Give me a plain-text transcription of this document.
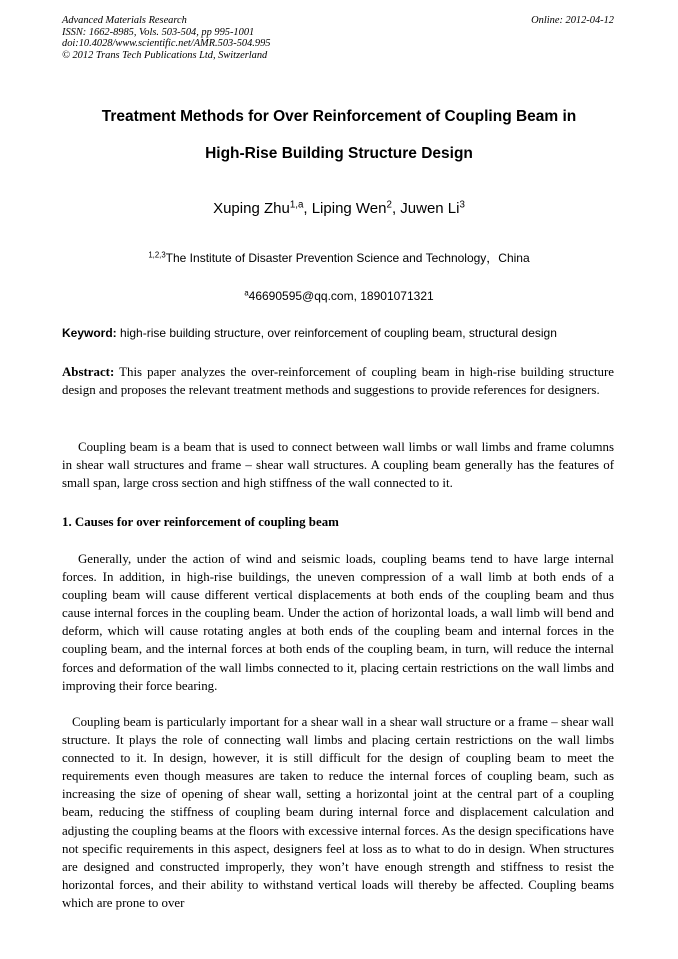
Advanced Materials Research
ISSN: 1662-8985, Vols. 503-504, pp 995-1001
doi:10.4028/www.scientific.net/AMR.503-504.995
© 2012 Trans Tech Publications Ltd, Switzerland
Online: 2012-04-12
Treatment Methods for Over Reinforcement of Coupling Beam in
High-Rise Building Structure Design
Xuping Zhu$^{1,a}$, Liping Wen$^2$, Juwen Li$^3$
$^{1,2,3}$The Institute of Disaster Prevention Science and Technology，China
$^a$46690595@qq.com, 18901071321
Keyword: high-rise building structure, over reinforcement of coupling beam, structural design
Abstract: This paper analyzes the over-reinforcement of coupling beam in high-rise building structure design and proposes the relevant treatment methods and suggestions to provide references for designers.
Coupling beam is a beam that is used to connect between wall limbs or wall limbs and frame columns in shear wall structures and frame – shear wall structures. A coupling beam generally has the features of small span, large cross section and high stiffness of the wall connected to it.
1. Causes for over reinforcement of coupling beam
Generally, under the action of wind and seismic loads, coupling beams tend to have large internal forces. In addition, in high-rise buildings, the uneven compression of a wall limb at both ends of a coupling beam will cause different vertical displacements at both ends of the coupling beam and thus cause internal forces in the coupling beam. Under the action of horizontal loads, a wall limb will bend and deform, which will cause rotating angles at both ends of the coupling beam and internal forces in the coupling beam, and the internal forces at both ends of the coupling beam, in turn, will reduce the internal forces and deformation of the wall limbs connected to it, placing certain restrictions on the wall limbs and improving their force bearing.
Coupling beam is particularly important for a shear wall in a shear wall structure or a frame – shear wall structure. It plays the role of connecting wall limbs and placing certain restrictions on the wall limbs connected to it. In design, however, it is still difficult for the design of coupling beam to meet the requirements even though measures are taken to reduce the internal forces of coupling beam, such as increasing the size of opening of shear wall, setting a horizontal joint at the central part of a coupling beam, reducing the stiffness of coupling beam during internal force and displacement calculation and adjusting the coupling beams at the floors with excessive internal forces. As the design specifications have not specific requirements in this aspect, designers feel at loss as to what to do in design. When structures are designed and constructed improperly, they won’t have enough strength and stiffness to resist the horizontal forces, and their ability to withstand vertical loads will thereby be affected. Coupling beams which are prone to over
